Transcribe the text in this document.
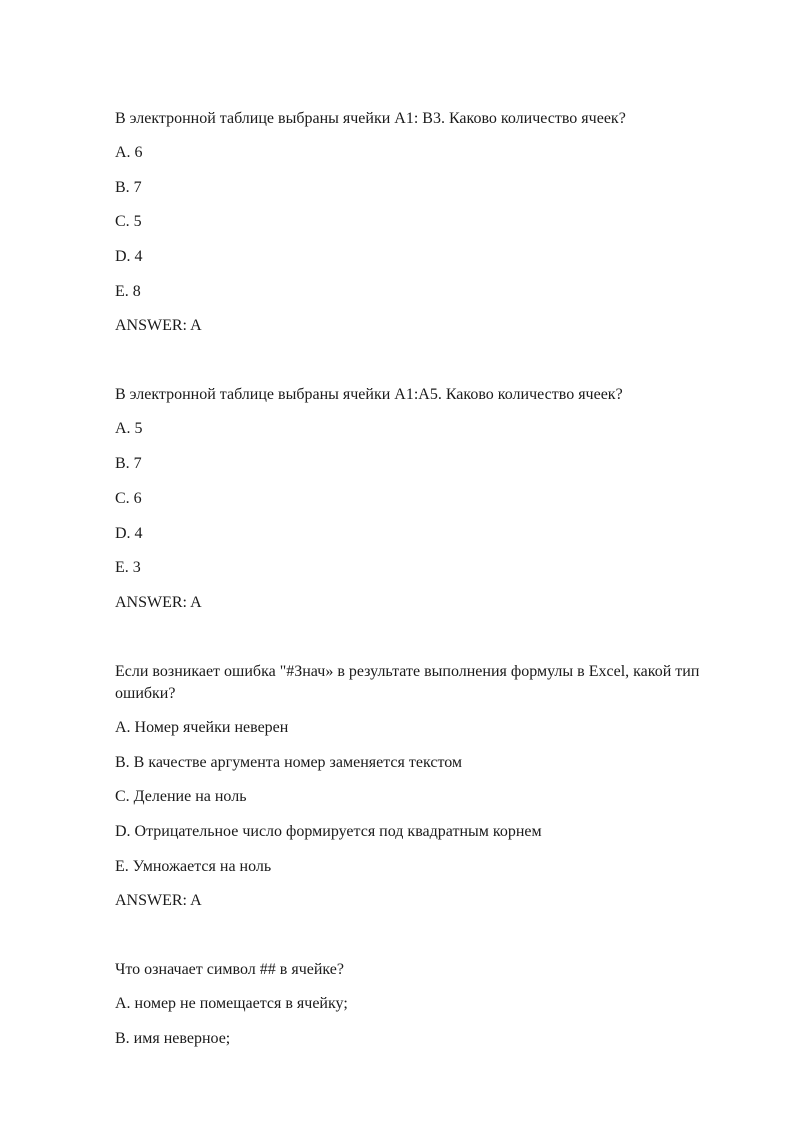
В электронной таблице выбраны ячейки A1: B3. Каково количество ячеек?

A. 6

B. 7

C. 5

D. 4

E. 8

ANSWER: A

В электронной таблице выбраны ячейки A1:A5. Каково количество ячеек?

A. 5

B. 7

C. 6

D. 4

E. 3

ANSWER: A

Если возникает ошибка "#Знач» в результате выполнения формулы в Excel, какой тип ошибки?

A. Номер ячейки неверен

B. В качестве аргумента номер заменяется текстом

C. Деление на ноль

D. Отрицательное число формируется под квадратным корнем

E. Умножается на ноль

ANSWER: A

Что означает символ ## в ячейке?

A. номер не помещается в ячейку;

B. имя неверное;
